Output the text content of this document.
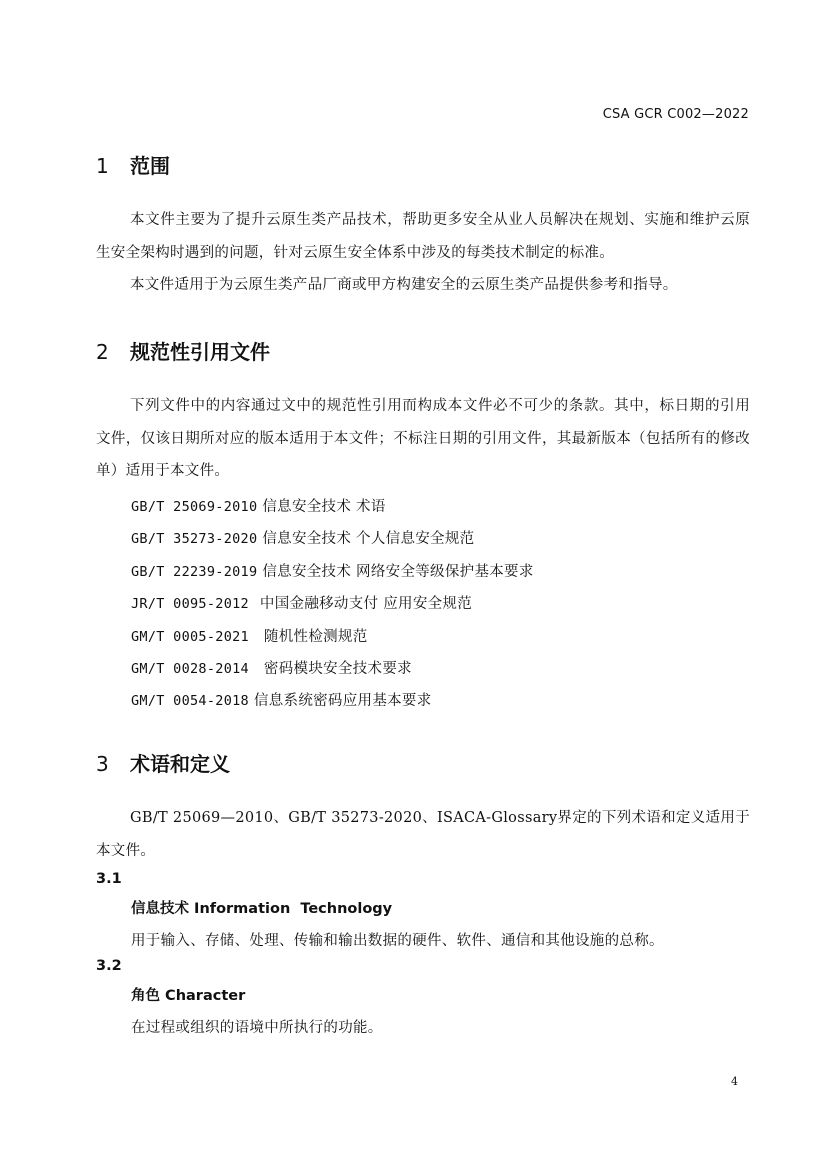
CSA GCR C002—2022
1 范围
本文件主要为了提升云原生类产品技术，帮助更多安全从业人员解决在规划、实施和维护云原生安全架构时遇到的问题，针对云原生安全体系中涉及的每类技术制定的标准。
本文件适用于为云原生类产品厂商或甲方构建安全的云原生类产品提供参考和指导。
2 规范性引用文件
下列文件中的内容通过文中的规范性引用而构成本文件必不可少的条款。其中，标日期的引用文件，仅该日期所对应的版本适用于本文件；不标注日期的引用文件，其最新版本（包括所有的修改单）适用于本文件。
GB/T 25069-2010 信息安全技术 术语
GB/T 35273-2020 信息安全技术 个人信息安全规范
GB/T 22239-2019 信息安全技术 网络安全等级保护基本要求
JR/T 0095-2012 中国金融移动支付 应用安全规范
GM/T 0005-2021 随机性检测规范
GM/T 0028-2014 密码模块安全技术要求
GM/T 0054-2018 信息系统密码应用基本要求
3 术语和定义
GB/T 25069—2010、GB/T 35273-2020、ISACA-Glossary界定的下列术语和定义适用于本文件。
3.1
信息技术 Information  Technology
用于输入、存储、处理、传输和输出数据的硬件、软件、通信和其他设施的总称。
3.2
角色 Character
在过程或组织的语境中所执行的功能。
4
